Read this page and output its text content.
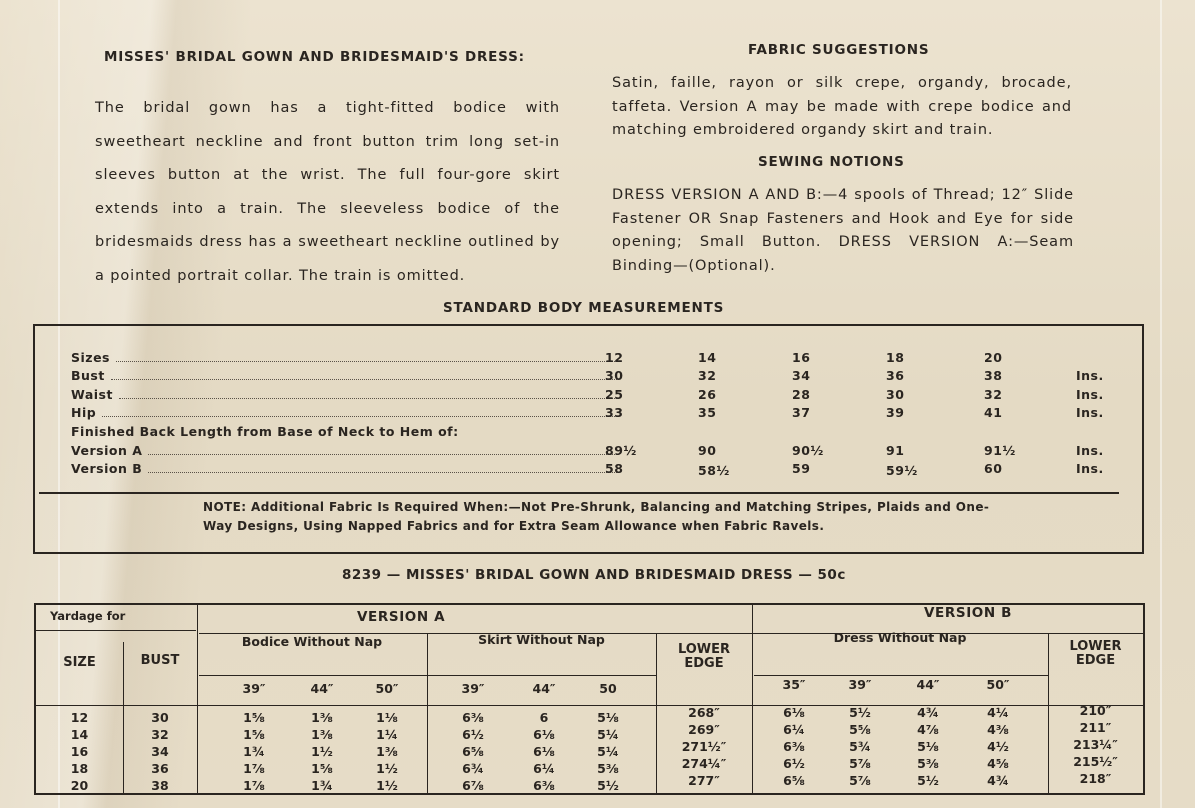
MISSES' BRIDAL GOWN AND BRIDESMAID'S DRESS:
The bridal gown has a tight-fitted bodice with sweetheart neckline and front button trim long set-in sleeves button at the wrist. The full four-gore skirt extends into a train. The sleeveless bodice of the bridesmaids dress has a sweetheart neckline outlined by a pointed portrait collar. The train is omitted.
FABRIC SUGGESTIONS
Satin, faille, rayon or silk crepe, organdy, brocade, taffeta. Version A may be made with crepe bodice and matching embroidered organdy skirt and train.
SEWING NOTIONS
DRESS VERSION A AND B:—4 spools of Thread; 12″ Slide Fastener OR Snap Fasteners and Hook and Eye for side opening; Small Button. DRESS VERSION A:—Seam Binding—(Optional).
STANDARD BODY MEASUREMENTS
Sizes	12	14	16	18	20
Bust	30	32	34	36	38	Ins.
Waist	25	26	28	30	32	Ins.
Hip	33	35	37	39	41	Ins.
Finished Back Length from Base of Neck to Hem of:
Version A	89½	90	90½	91	91½	Ins.
Version B	58	58½	59	59½	60	Ins.
NOTE: Additional Fabric Is Required When:—Not Pre-Shrunk, Balancing and Matching Stripes, Plaids and One-Way Designs, Using Napped Fabrics and for Extra Seam Allowance when Fabric Ravels.
8239 — MISSES' BRIDAL GOWN AND BRIDESMAID DRESS — 50c
Yardage for	VERSION A	VERSION B
SIZE	BUST
Bodice Without Nap	Skirt Without Nap
LOWER EDGE
Dress Without Nap
LOWER EDGE
39″	44″	50″	39″	44″	50	35″	39″	44″	50″
12	30	1⅝	1⅜	1⅛	6⅜	6	5⅛	268″	6⅛	5½	4¾	4¼	210″
14	32	1⅝	1⅜	1¼	6½	6⅛	5¼	269″	6¼	5⅝	4⅞	4⅜	211″
16	34	1¾	1½	1⅜	6⅝	6⅛	5¼	271½″	6⅜	5¾	5⅛	4½	213¼″
18	36	1⅞	1⅝	1½	6¾	6¼	5⅜	274¼″	6½	5⅞	5⅜	4⅝	215½″
20	38	1⅞	1¾	1½	6⅞	6⅜	5½	277″	6⅝	5⅞	5½	4¾	218″
